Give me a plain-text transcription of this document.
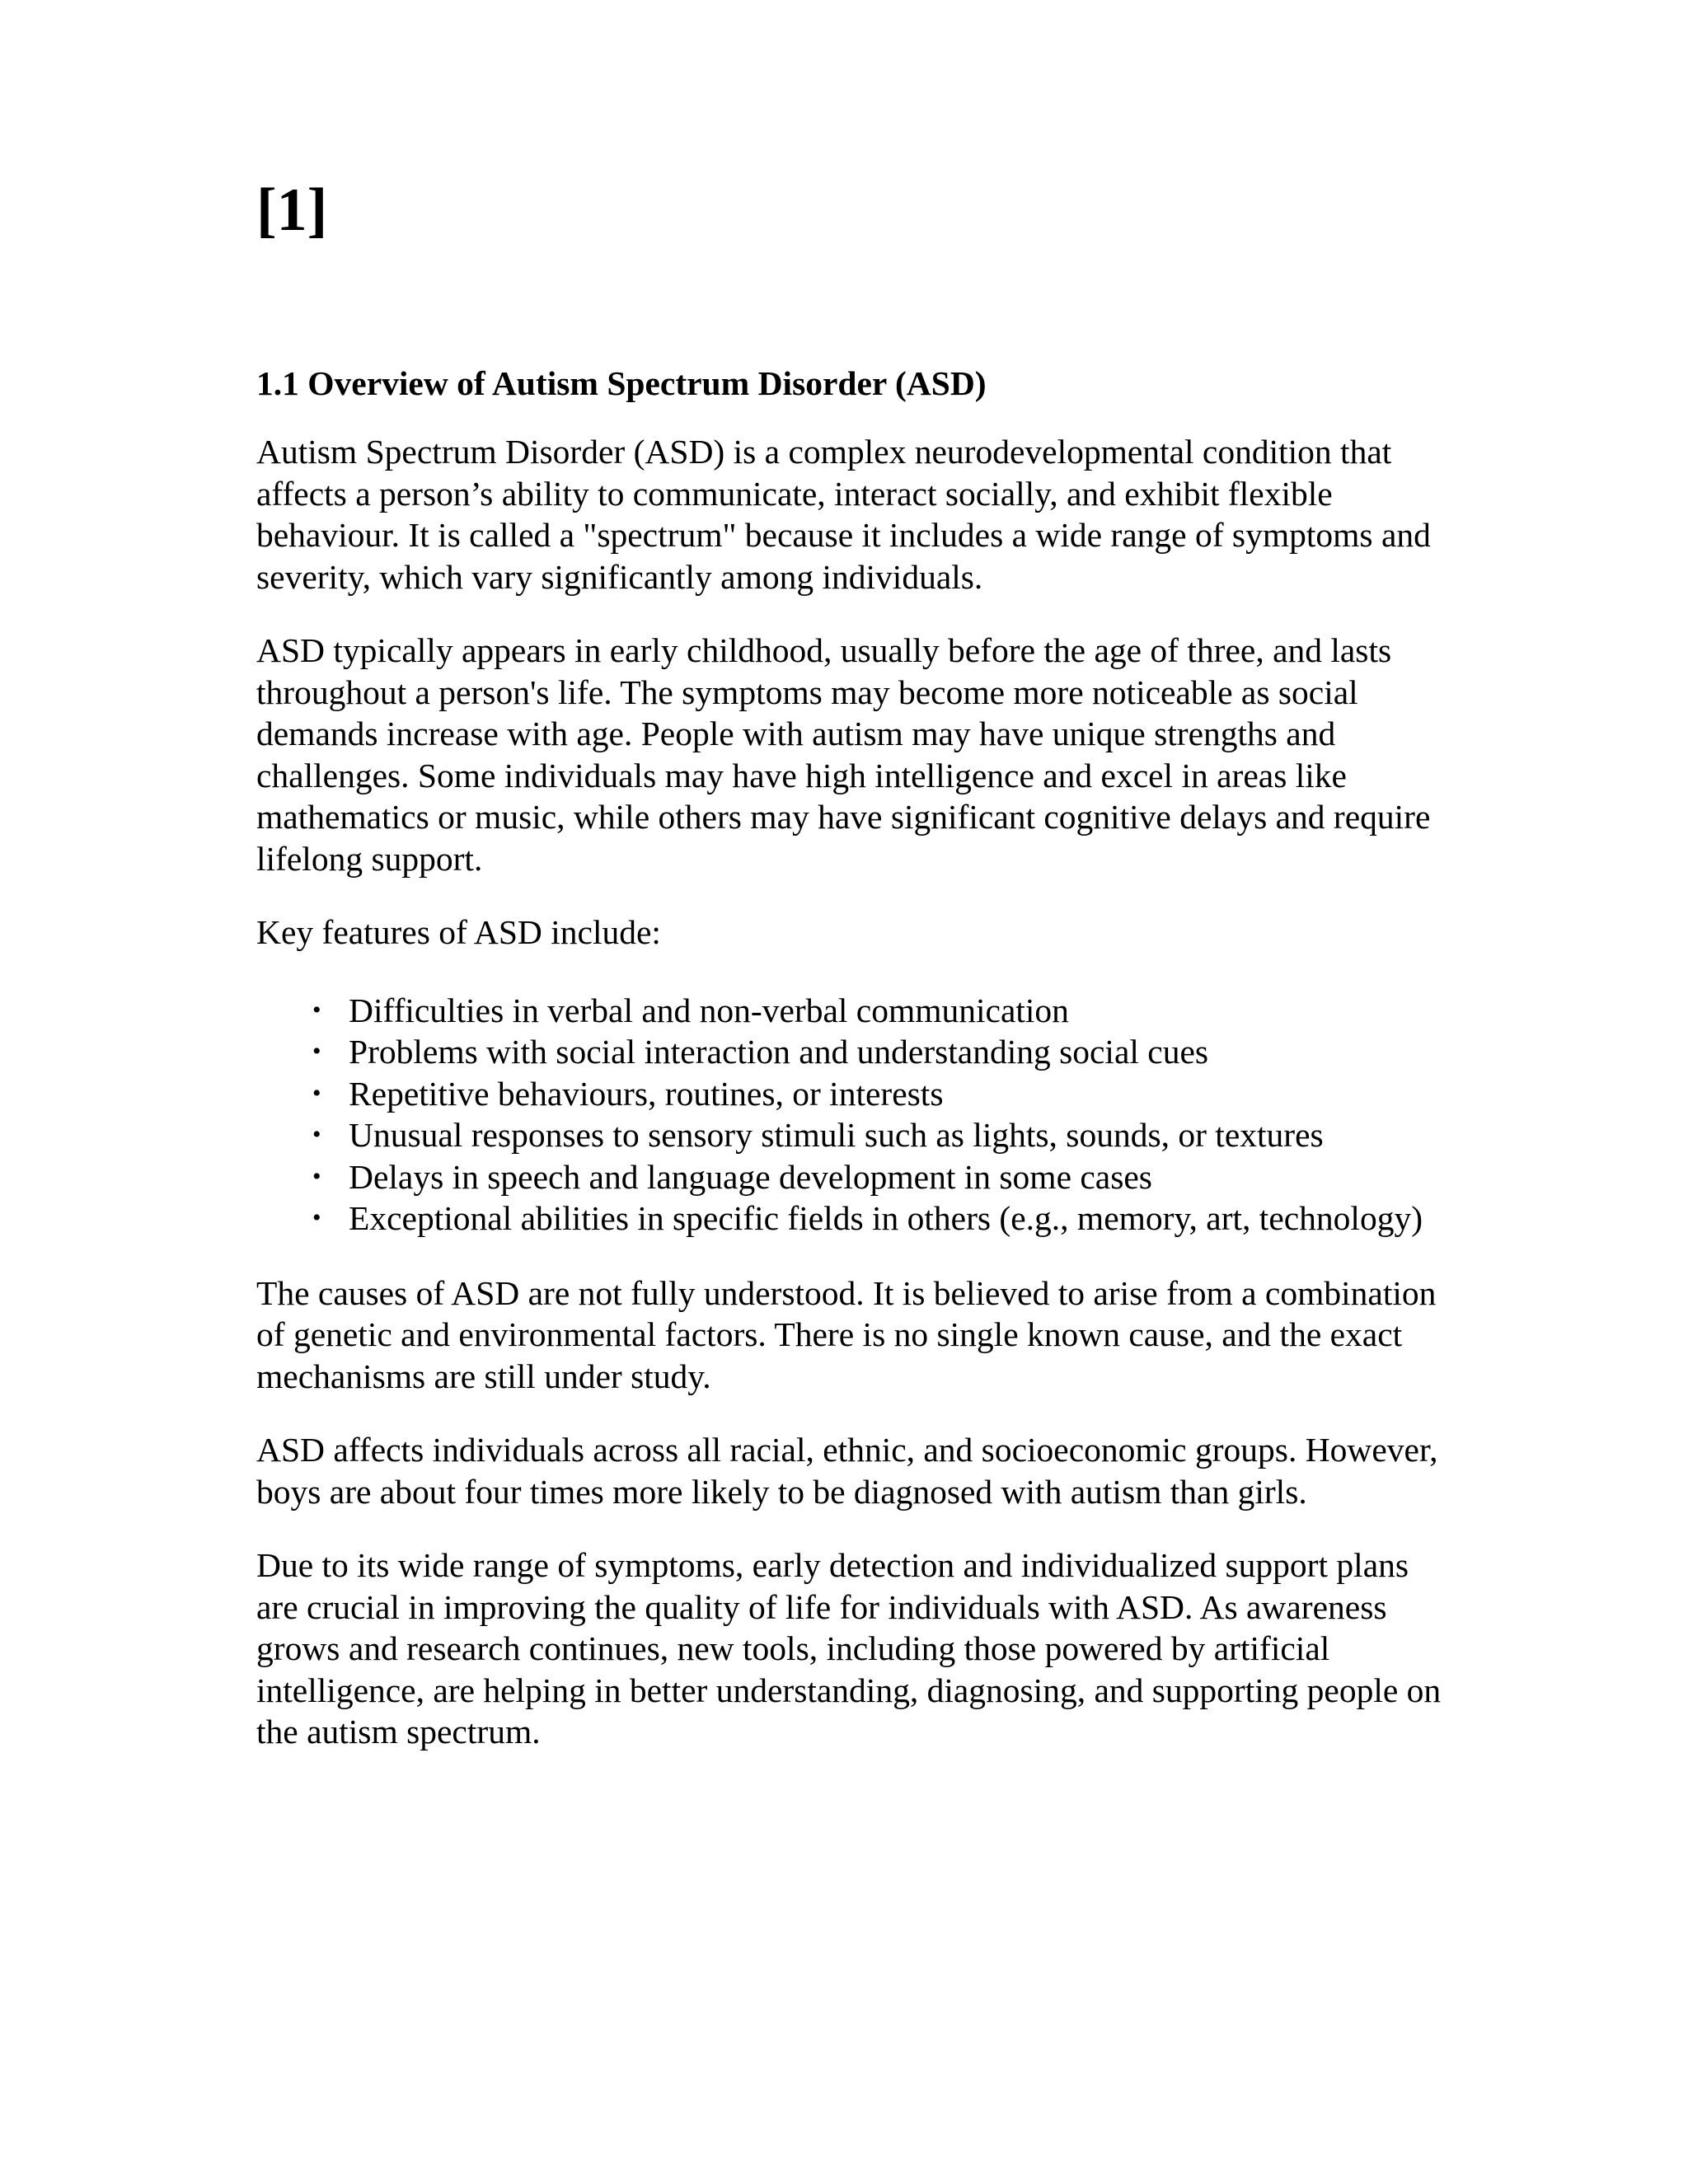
[1]
1.1 Overview of Autism Spectrum Disorder (ASD)

Autism Spectrum Disorder (ASD) is a complex neurodevelopmental condition that affects a person’s ability to communicate, interact socially, and exhibit flexible behaviour. It is called a "spectrum" because it includes a wide range of symptoms and severity, which vary significantly among individuals.

ASD typically appears in early childhood, usually before the age of three, and lasts throughout a person's life. The symptoms may become more noticeable as social demands increase with age. People with autism may have unique strengths and challenges. Some individuals may have high intelligence and excel in areas like mathematics or music, while others may have significant cognitive delays and require lifelong support.

Key features of ASD include:

• Difficulties in verbal and non-verbal communication
• Problems with social interaction and understanding social cues
• Repetitive behaviours, routines, or interests
• Unusual responses to sensory stimuli such as lights, sounds, or textures
• Delays in speech and language development in some cases
• Exceptional abilities in specific fields in others (e.g., memory, art, technology)

The causes of ASD are not fully understood. It is believed to arise from a combination of genetic and environmental factors. There is no single known cause, and the exact mechanisms are still under study.

ASD affects individuals across all racial, ethnic, and socioeconomic groups. However, boys are about four times more likely to be diagnosed with autism than girls.

Due to its wide range of symptoms, early detection and individualized support plans are crucial in improving the quality of life for individuals with ASD. As awareness grows and research continues, new tools, including those powered by artificial intelligence, are helping in better understanding, diagnosing, and supporting people on the autism spectrum.
